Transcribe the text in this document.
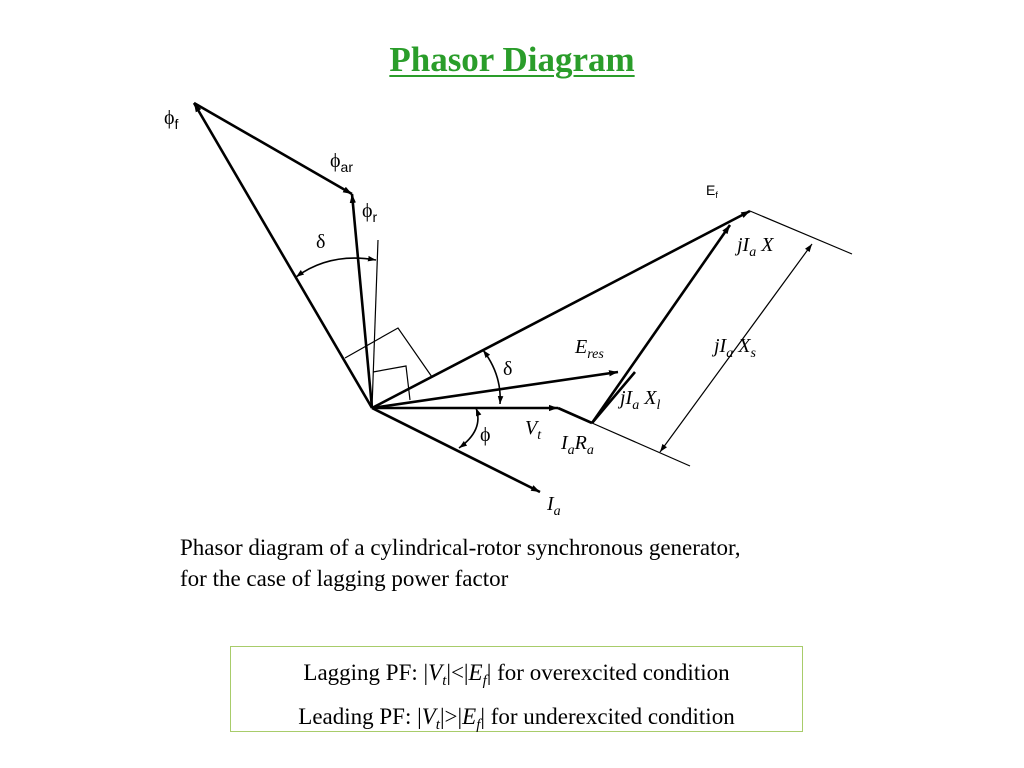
Phasor Diagram
$\phi_f$
$\phi_{ar}$
$\phi_r$
δ
δ
ϕ
$E_f$
$jI_a$ X
$jI_a$ $X_s$
$E_{res}$
$jI_a$ $X_l$
$V_t$ $I_aR_a$
$I_a$
Phasor diagram of a cylindrical-rotor synchronous generator,
for the case of lagging power factor
Lagging PF: $|V_t|<|E_f|$ for overexcited condition
Leading PF: $|V_t|>|E_f|$ for underexcited condition
